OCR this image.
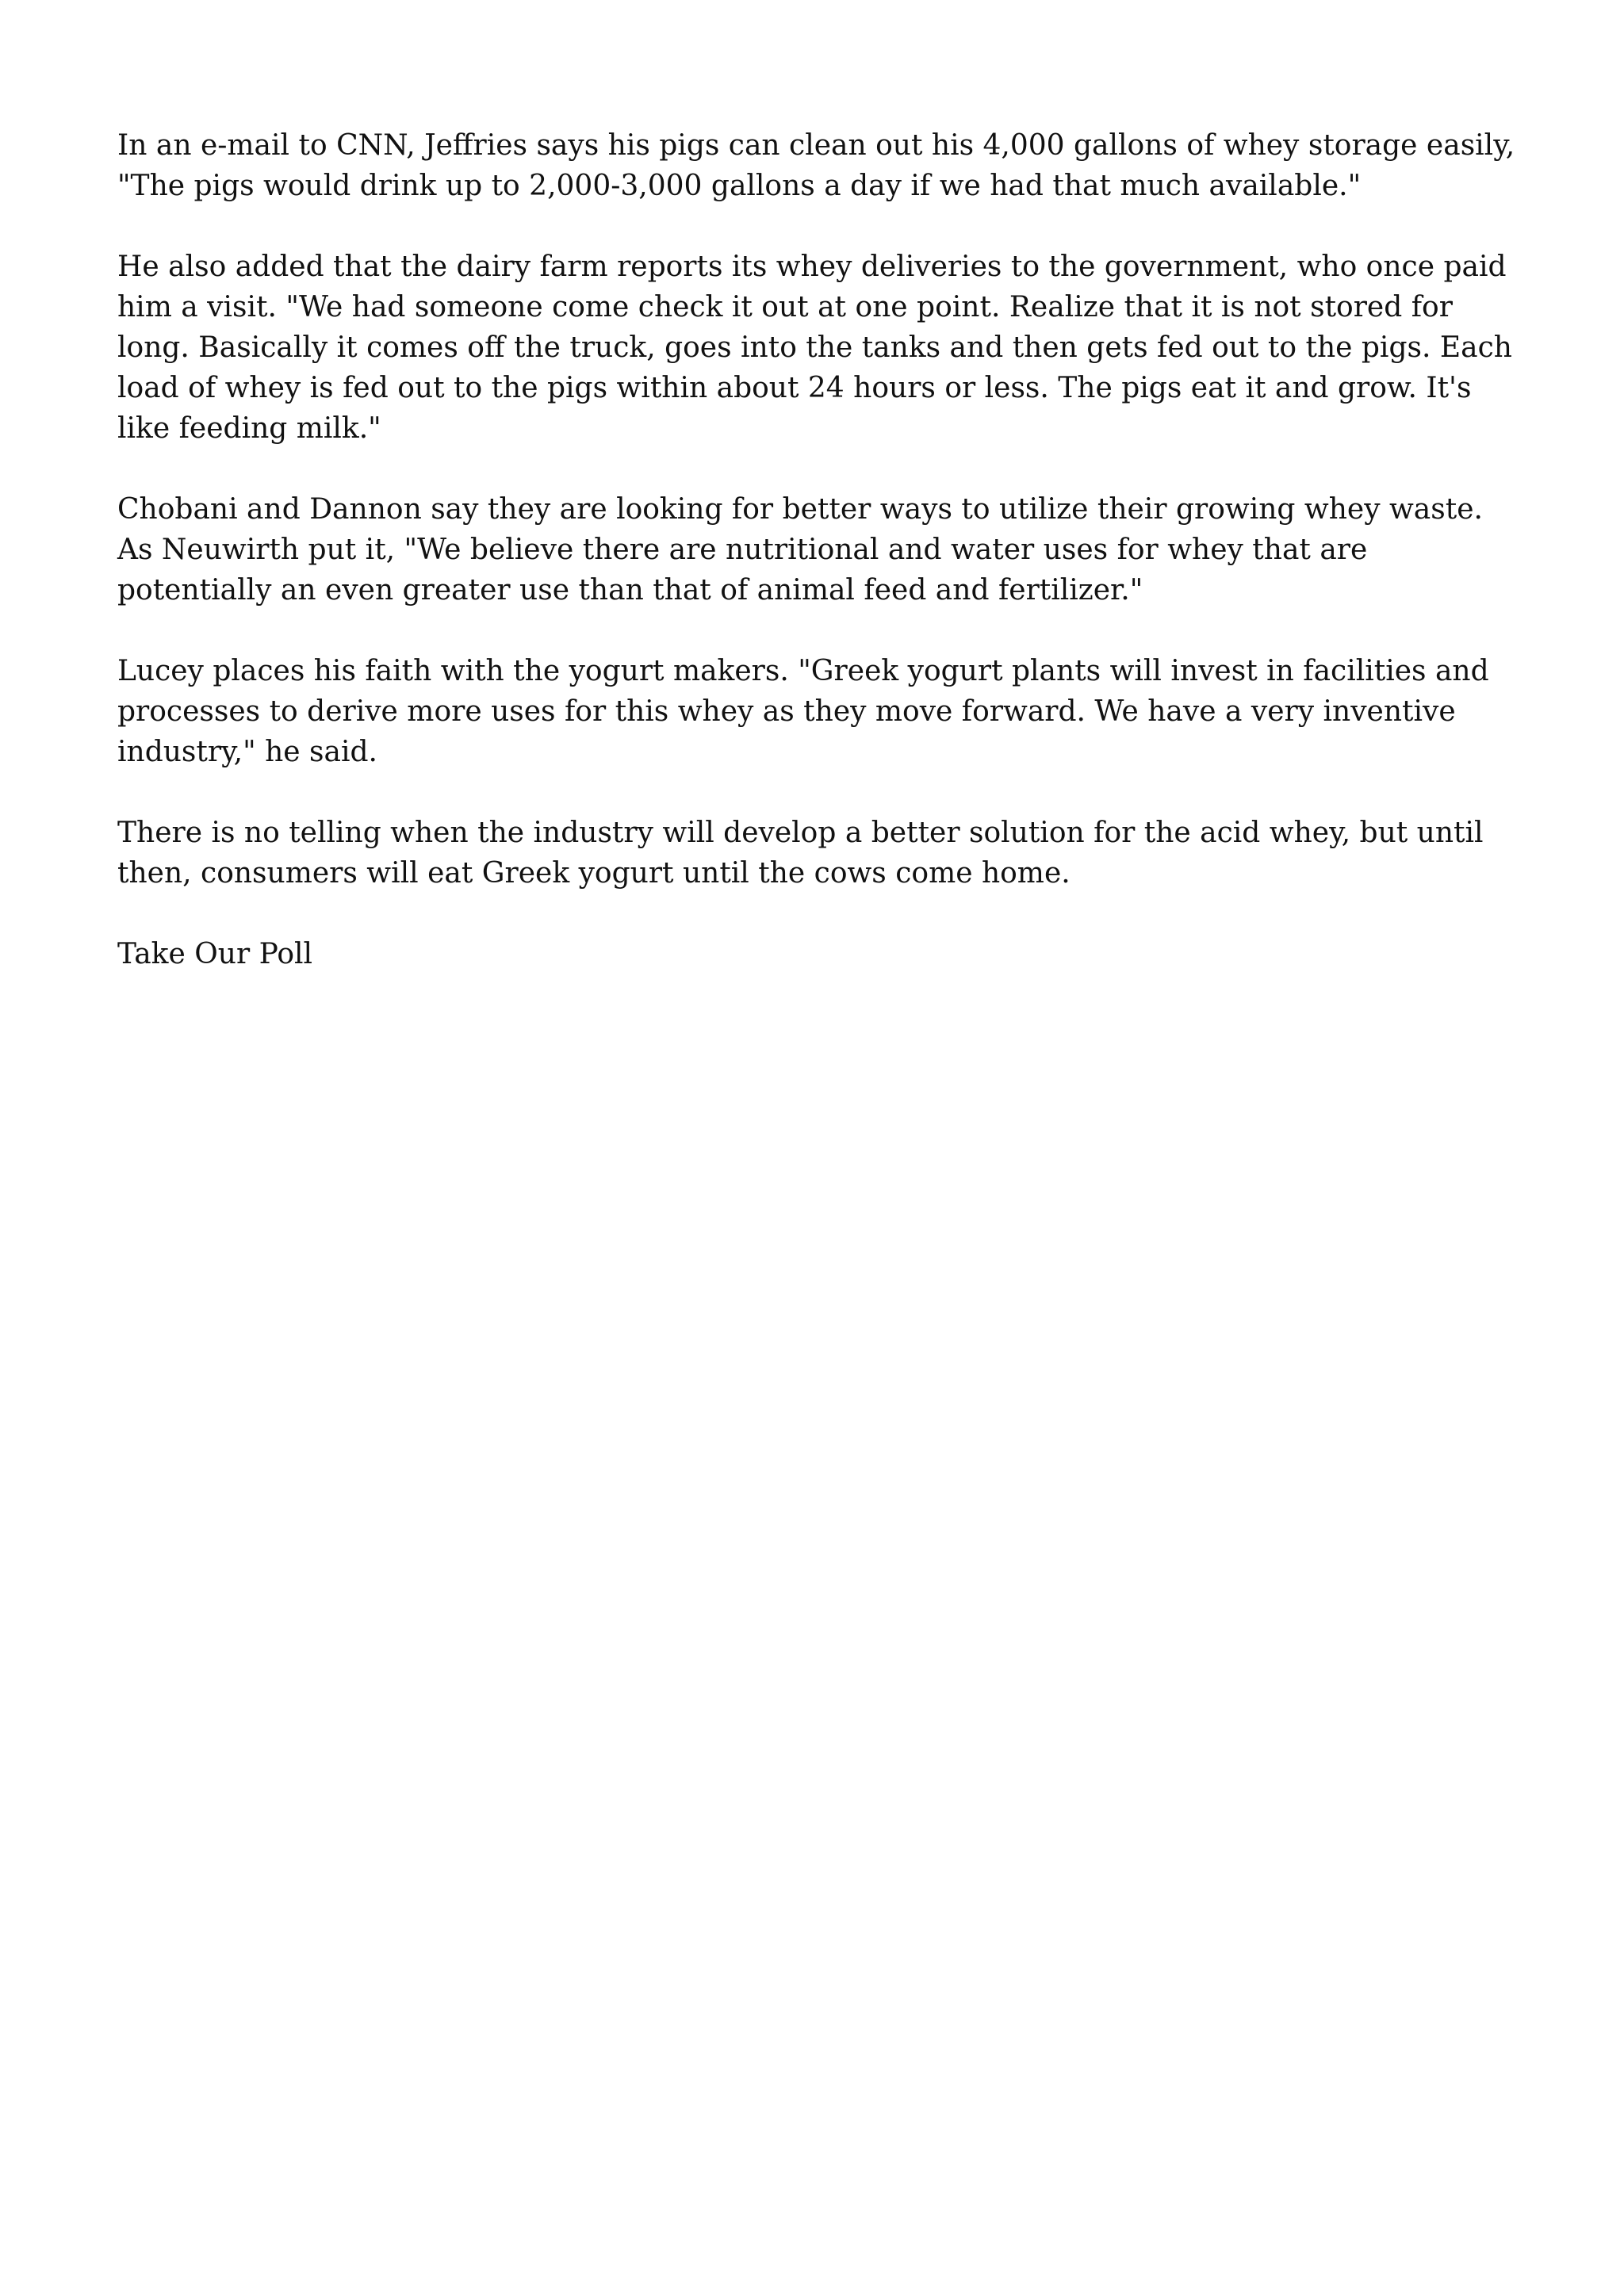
In an e-mail to CNN, Jeffries says his pigs can clean out his 4,000 gallons of whey storage easily, "The pigs would drink up to 2,000-3,000 gallons a day if we had that much available."

He also added that the dairy farm reports its whey deliveries to the government, who once paid him a visit. "We had someone come check it out at one point. Realize that it is not stored for long. Basically it comes off the truck, goes into the tanks and then gets fed out to the pigs. Each load of whey is fed out to the pigs within about 24 hours or less. The pigs eat it and grow. It's like feeding milk."

Chobani and Dannon say they are looking for better ways to utilize their growing whey waste. As Neuwirth put it, "We believe there are nutritional and water uses for whey that are potentially an even greater use than that of animal feed and fertilizer."

Lucey places his faith with the yogurt makers. "Greek yogurt plants will invest in facilities and processes to derive more uses for this whey as they move forward. We have a very inventive industry," he said.

There is no telling when the industry will develop a better solution for the acid whey, but until then, consumers will eat Greek yogurt until the cows come home.

Take Our Poll
